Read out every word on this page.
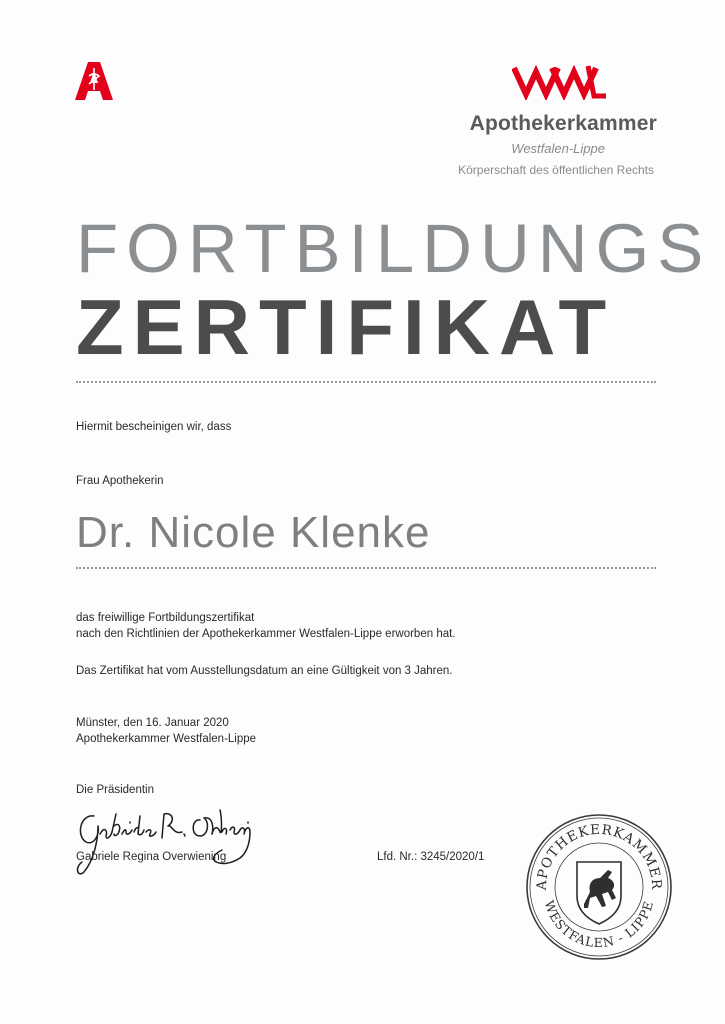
Apothekerkammer
Westfalen-Lippe
Körperschaft des öffentlichen Rechts
FORTBILDUNGS
ZERTIFIKAT
Hiermit bescheinigen wir, dass
Frau Apothekerin
Dr. Nicole Klenke
das freiwillige Fortbildungszertifikat
nach den Richtlinien der Apothekerkammer Westfalen-Lippe erworben hat.
Das Zertifikat hat vom Ausstellungsdatum an eine Gültigkeit von 3 Jahren.
Münster, den 16. Januar 2020
Apothekerkammer Westfalen-Lippe
Die Präsidentin
Gabriele Regina Overwiening	Lfd. Nr.: 3245/2020/1
APOTHEKERKAMMER
WESTFALEN - LIPPE
